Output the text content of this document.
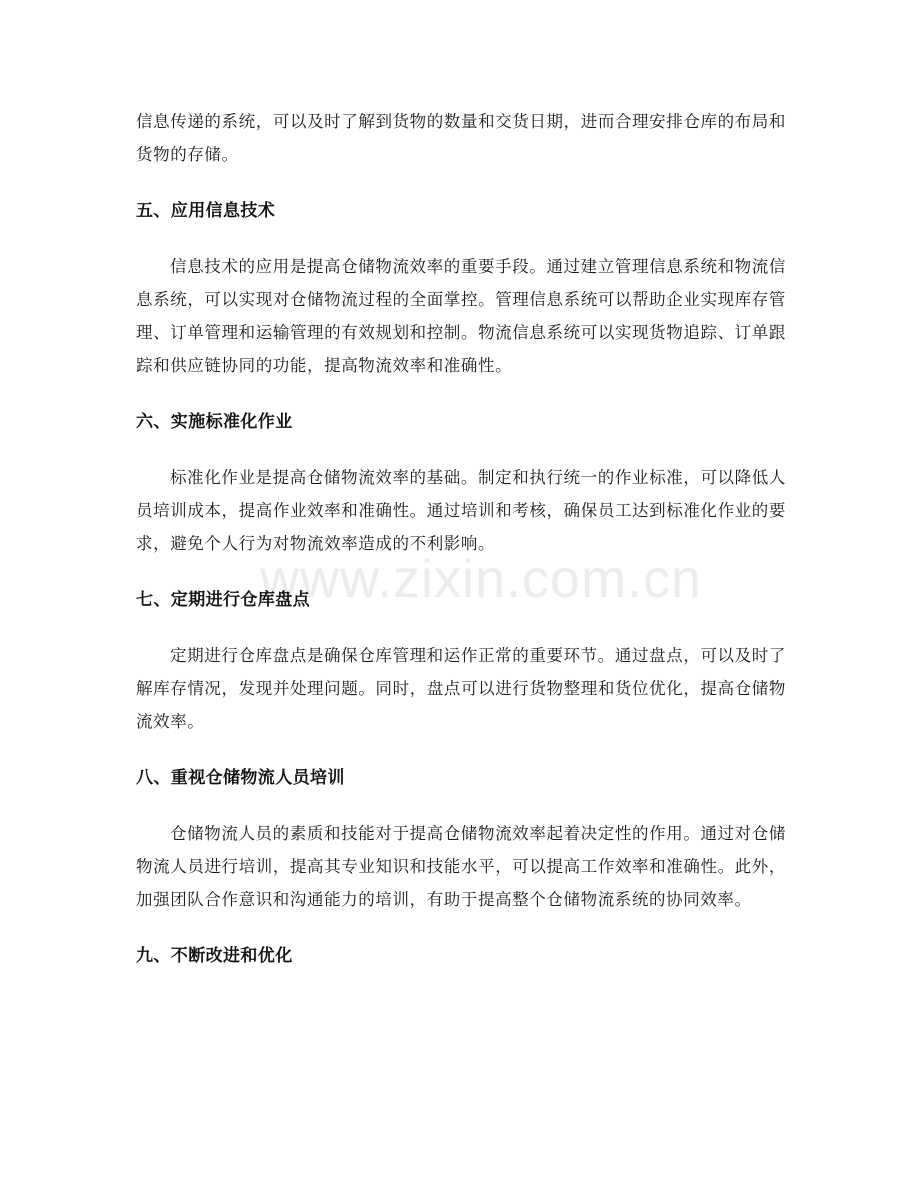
www.zixin.com.cn

信息传递的系统，可以及时了解到货物的数量和交货日期，进而合理安排仓库的布局和货物的存储。

五、应用信息技术

信息技术的应用是提高仓储物流效率的重要手段。通过建立管理信息系统和物流信息系统，可以实现对仓储物流过程的全面掌控。管理信息系统可以帮助企业实现库存管理、订单管理和运输管理的有效规划和控制。物流信息系统可以实现货物追踪、订单跟踪和供应链协同的功能，提高物流效率和准确性。

六、实施标准化作业

标准化作业是提高仓储物流效率的基础。制定和执行统一的作业标准，可以降低人员培训成本，提高作业效率和准确性。通过培训和考核，确保员工达到标准化作业的要求，避免个人行为对物流效率造成的不利影响。

七、定期进行仓库盘点

定期进行仓库盘点是确保仓库管理和运作正常的重要环节。通过盘点，可以及时了解库存情况，发现并处理问题。同时，盘点可以进行货物整理和货位优化，提高仓储物流效率。

八、重视仓储物流人员培训

仓储物流人员的素质和技能对于提高仓储物流效率起着决定性的作用。通过对仓储物流人员进行培训，提高其专业知识和技能水平，可以提高工作效率和准确性。此外，加强团队合作意识和沟通能力的培训，有助于提高整个仓储物流系统的协同效率。

九、不断改进和优化
